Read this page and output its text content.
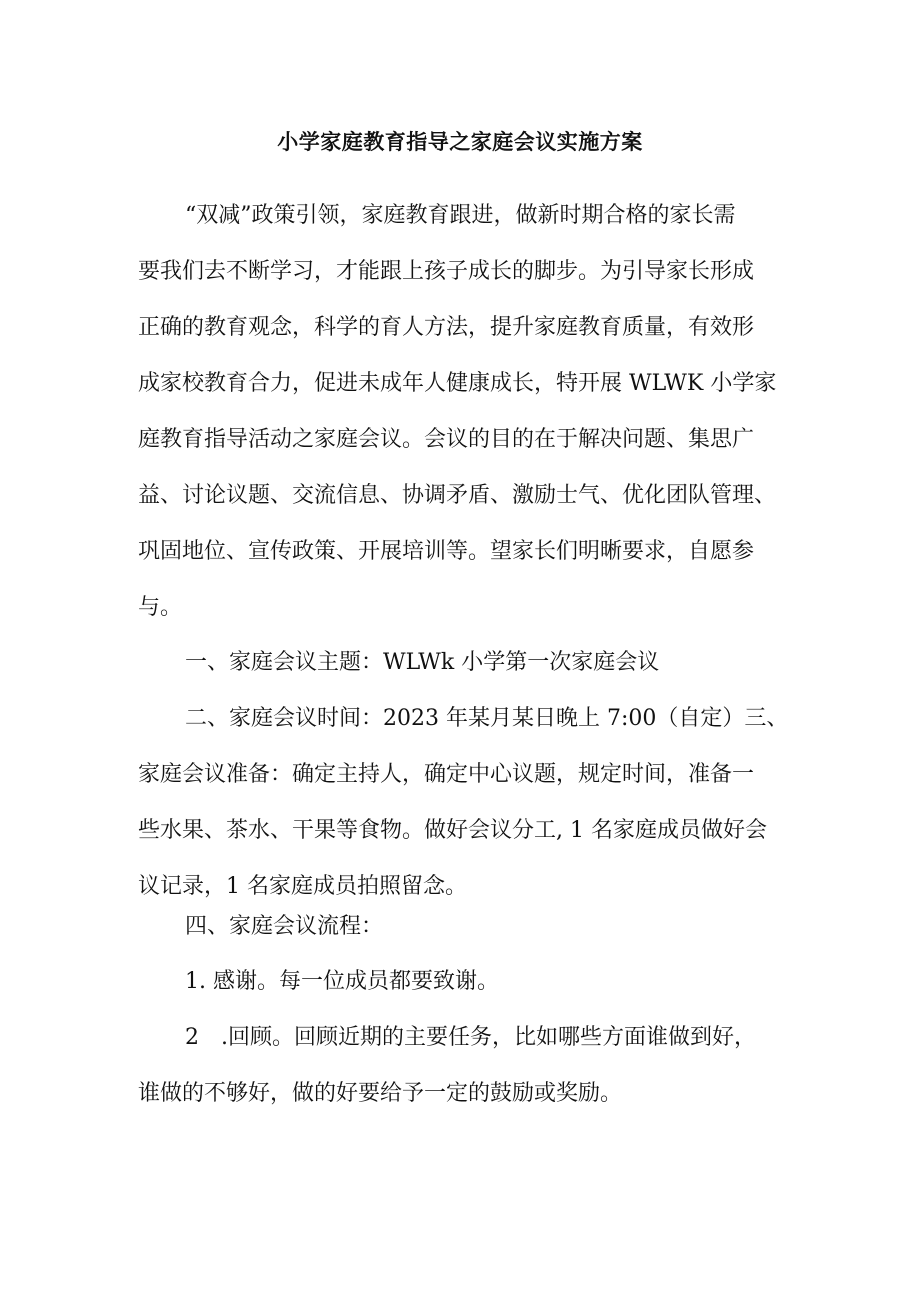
小学家庭教育指导之家庭会议实施方案
“双减”政策引领，家庭教育跟进，做新时期合格的家长需
要我们去不断学习，才能跟上孩子成长的脚步。为引导家长形成
正确的教育观念，科学的育人方法，提升家庭教育质量，有效形
成家校教育合力，促进未成年人健康成长，特开展 WLWK 小学家
庭教育指导活动之家庭会议。会议的目的在于解决问题、集思广
益、讨论议题、交流信息、协调矛盾、激励士气、优化团队管理、
巩固地位、宣传政策、开展培训等。望家长们明晰要求，自愿参
与。
一、家庭会议主题：WLWk 小学第一次家庭会议
二、家庭会议时间：2023 年某月某日晚上 7:00（自定）三、
家庭会议准备：确定主持人，确定中心议题，规定时间，准备一
些水果、茶水、干果等食物。做好会议分工, 1 名家庭成员做好会
议记录，1 名家庭成员拍照留念。
四、家庭会议流程：
1. 感谢。每一位成员都要致谢。
2　.回顾。回顾近期的主要任务，比如哪些方面谁做到好，
谁做的不够好，做的好要给予一定的鼓励或奖励。
